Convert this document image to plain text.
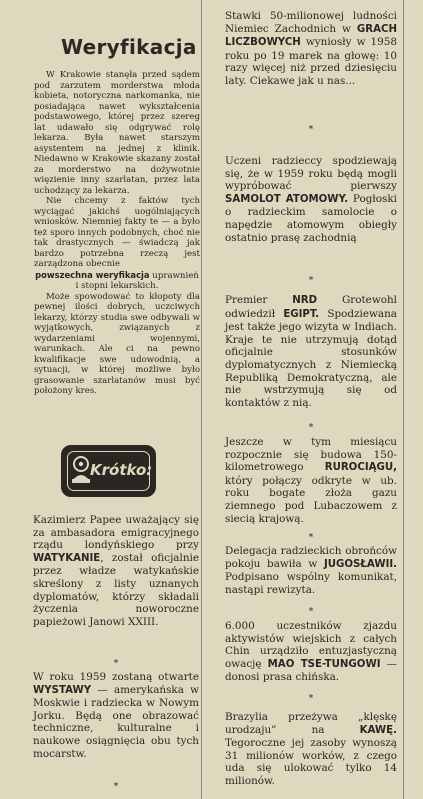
Weryfikacja

W Krakowie stanęła przed sądem pod zarzutem morderstwa młoda kobieta, notoryczna narkomanka, nie posiadająca nawet wykształcenia podstawowego, której przez szereg lat udawało się odgrywać rolę lekarza. Była nawet starszym asystentem na jednej z klinik. Niedawno w Krakowie skazany został za morderstwo na dożywotnie więzienie inny szarlatan, przez lata uchodzący za lekarza.

Nie chcemy z faktów tych wyciągać jakichś uogólniających wniosków. Niemniej fakty te — a było też sporo innych podobnych, choć nie tak drastycznych — świadczą jak bardzo potrzebna rzeczą jest zarządzona obecnie

powszechna weryfikacja uprawnień i stopni lekarskich.

Może spowodować to kłopoty dla pewnej ilości dobrych, uczciwych lekarzy, którzy studia swe odbywali w wyjątkowych, związanych z wydarzeniami wojennymi, warunkach. Ale ci na pewno kwalifikacje swe udowodnią, a sytuacji, w której możliwe było grasowanie szarlatanów musi być położony kres.

Krótko:
Kazimierz Papee uważający się za ambasadora emigracyjnego rządu londyńskiego przy WATYKANIE, został oficjalnie przez władze watykańskie skreślony z listy uznanych dyplomatów, którzy składali życzenia noworoczne papieżowi Janowi XXIII.
*
W roku 1959 zostaną otwarte WYSTAWY — amerykańska w Moskwie i radziecka w Nowym Jorku. Będą one obrazować techniczne, kulturalne i naukowe osiągnięcia obu tych mocarstw.
*
Stawki 50-milionowej ludności Niemiec Zachodnich w GRACH LICZBOWYCH wyniosły w 1958 roku po 19 marek na głowę: 10 razy więcej niż przed dziesięciu laty. Ciekawe jak u nas...
*
Uczeni radzieccy spodziewają się, że w 1959 roku będą mogli wypróbować pierwszy SAMOLOT ATOMOWY. Pogłoski o radzieckim samolocie o napędzie atomowym obiegły ostatnio prasę zachodnią
*
Premier NRD Grotewohl odwiedził EGIPT. Spodziewana jest także jego wizyta w Indiach. Kraje te nie utrzymują dotąd oficjalnie stosunków dyplomatycznych z Niemiecką Republiką Demokratyczną, ale nie wstrzymują się od kontaktów z nią.
*
Jeszcze w tym miesiącu rozpocznie się budowa 150-kilometrowego RUROCIĄGU, który połączy odkryte w ub. roku bogate złoża gazu ziemnego pod Lubaczowem z siecią krajową.
*
Delegacja radzieckich obrońców pokoju bawiła w JUGOSŁAWII. Podpisano wspólny komunikat, nastąpi rewizyta.
*
6.000 uczestników zjazdu aktywistów wiejskich z całych Chin urządziło entuzjastyczną owację MAO TSE-TUNGOWI — donosi prasa chińska.
*
Brazylia przeżywa „klęskę urodzaju” na	KAWĘ. Tegoroczne jej zasoby wynoszą 31 milionów worków, z czego uda się ulokować tylko 14 milionów.
